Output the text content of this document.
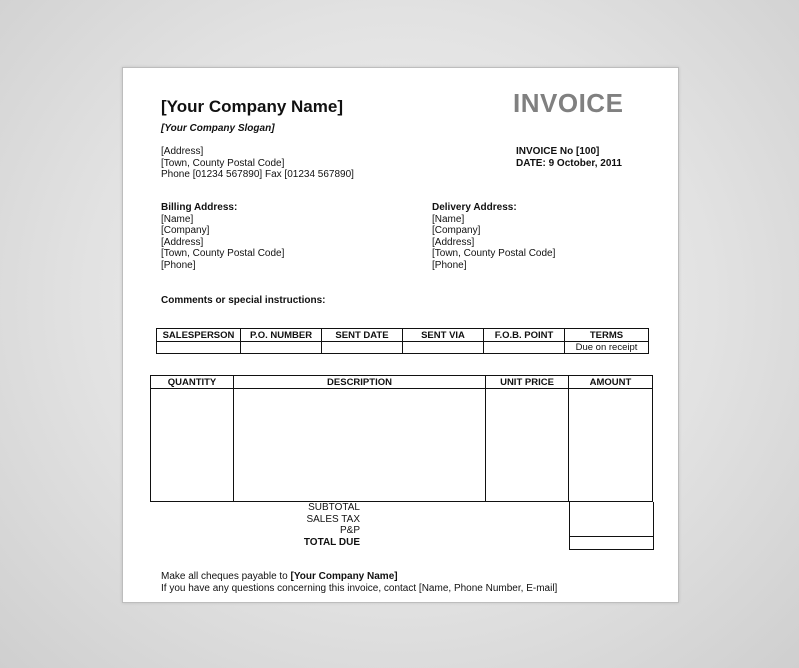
[Your Company Name]
[Your Company Slogan]
INVOICE
[Address]
[Town, County Postal Code]
Phone [01234 567890] Fax [01234 567890]
INVOICE No [100]
DATE: 9 October, 2011
Billing Address:
[Name]
[Company]
[Address]
[Town, County Postal Code]
[Phone]
Delivery Address:
[Name]
[Company]
[Address]
[Town, County Postal Code]
[Phone]
Comments or special instructions:
SALESPERSON	P.O. NUMBER	SENT DATE	SENT VIA	F.O.B. POINT	TERMS
					Due on receipt
QUANTITY	DESCRIPTION	UNIT PRICE	AMOUNT

SUBTOTAL
SALES TAX
P&P
TOTAL DUE
Make all cheques payable to [Your Company Name]
If you have any questions concerning this invoice, contact [Name, Phone Number, E-mail]
